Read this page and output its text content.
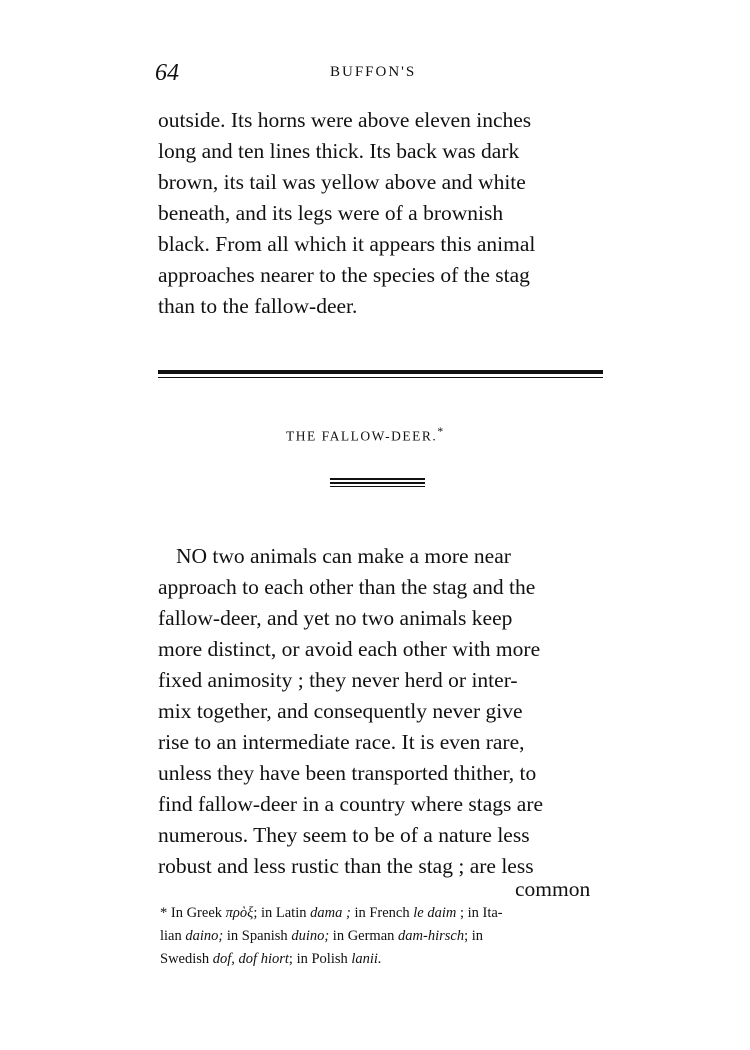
64	BUFFON'S
outside. Its horns were above eleven inches
long and ten lines thick. Its back was dark
brown, its tail was yellow above and white
beneath, and its legs were of a brownish
black. From all which it appears this animal
approaches nearer to the species of the stag
than to the fallow-deer.
THE FALLOW-DEER.*
NO two animals can make a more near
approach to each other than the stag and the
fallow-deer, and yet no two animals keep
more distinct, or avoid each other with more
fixed animosity ; they never herd or inter-
mix together, and consequently never give
rise to an intermediate race. It is even rare,
unless they have been transported thither, to
find fallow-deer in a country where stags are
numerous. They seem to be of a nature less
robust and less rustic than the stag ; are less
common
* In Greek πρὸξ; in Latin dama ; in French le daim ; in Ita-
lian daino; in Spanish duino; in German dam-hirsch; in
Swedish dof, dof hiort; in Polish lanii.
